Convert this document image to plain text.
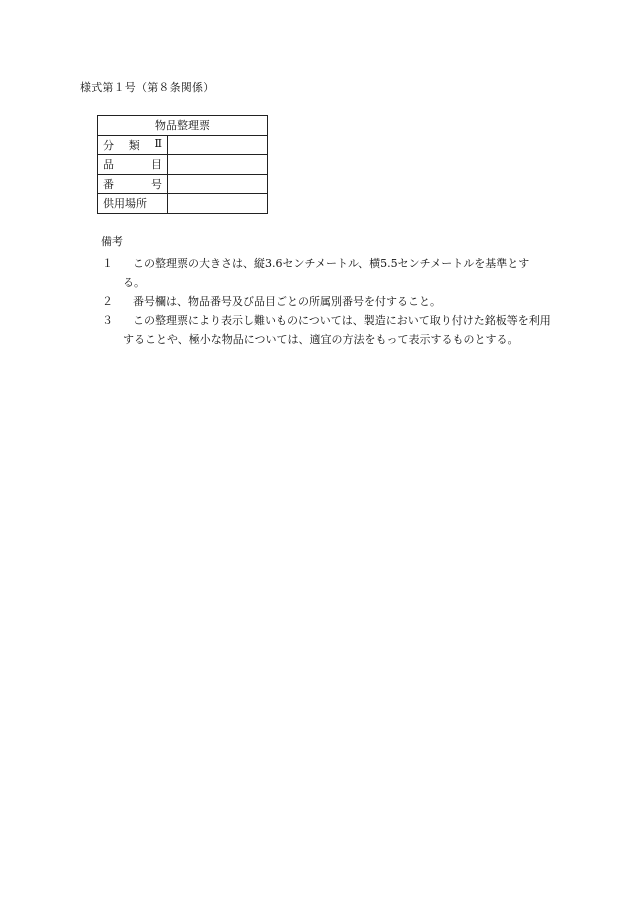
様式第１号（第８条関係）
物品整理票	

分 類 Ⅱ	

品 目	

番 号	

供用場所	

備考
１	この整理票の大きさは、縦3.6センチメートル、横5.5センチメートルを基準とする。
２	番号欄は、物品番号及び品目ごとの所属別番号を付すること。
３	この整理票により表示し難いものについては、製造において取り付けた銘板等を利用することや、極小な物品については、適宜の方法をもって表示するものとする。
